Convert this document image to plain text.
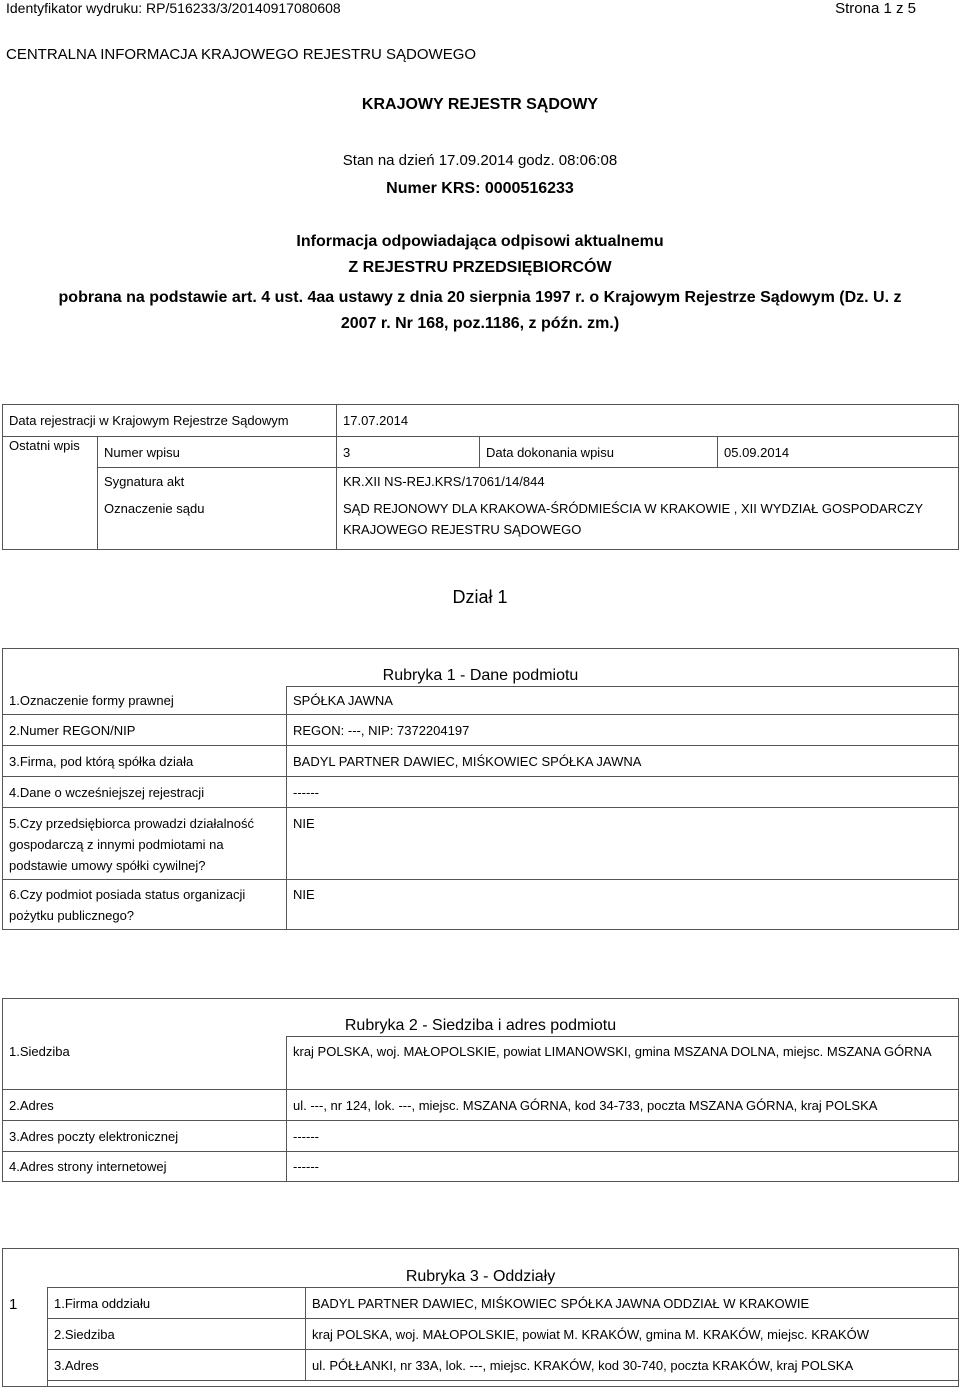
Identyfikator wydruku: RP/516233/3/20140917080608	Strona 1 z 5
CENTRALNA INFORMACJA KRAJOWEGO REJESTRU SĄDOWEGO
KRAJOWY REJESTR SĄDOWY
Stan na dzień 17.09.2014 godz. 08:06:08
Numer KRS: 0000516233
Informacja odpowiadająca odpisowi aktualnemu
Z REJESTRU PRZEDSIĘBIORCÓW
pobrana na podstawie art. 4 ust. 4aa ustawy z dnia 20 sierpnia 1997 r. o Krajowym Rejestrze Sądowym (Dz. U. z 2007 r. Nr 168, poz.1186, z późn. zm.)
Data rejestracji w Krajowym Rejestrze Sądowym		17.07.2014		

Ostatni wpis	Numer wpisu	3	Data dokonania wpisu	05.09.2014
	Sygnatura akt	KR.XII NS-REJ.KRS/17061/14/844		
	Oznaczenie sądu	SĄD REJONOWY DLA KRAKOWA-ŚRÓDMIEŚCIA W KRAKOWIE , XII WYDZIAŁ GOSPODARCZY KRAJOWEGO REJESTRU SĄDOWEGO		
Dział 1
Rubryka 1 - Dane podmiotu	
1.Oznaczenie formy prawnej	SPÓŁKA JAWNA
2.Numer REGON/NIP	REGON: ---, NIP: 7372204197
3.Firma, pod którą spółka działa	BADYL PARTNER DAWIEC, MIŚKOWIEC SPÓŁKA JAWNA
4.Dane o wcześniejszej rejestracji	------
5.Czy przedsiębiorca prowadzi działalność gospodarczą z innymi podmiotami na podstawie umowy spółki cywilnej?	NIE
6.Czy podmiot posiada status organizacji pożytku publicznego?	NIE
Rubryka 2 - Siedziba i adres podmiotu	
1.Siedziba	kraj POLSKA, woj. MAŁOPOLSKIE, powiat LIMANOWSKI, gmina MSZANA DOLNA, miejsc. MSZANA GÓRNA
2.Adres	ul. ---, nr 124, lok. ---, miejsc. MSZANA GÓRNA, kod 34-733, poczta MSZANA GÓRNA, kraj POLSKA
3.Adres poczty elektronicznej	------
4.Adres strony internetowej	------
Rubryka 3 - Oddziały		
1	1.Firma oddziału	BADYL PARTNER DAWIEC, MIŚKOWIEC SPÓŁKA JAWNA ODDZIAŁ W KRAKOWIE
	2.Siedziba	kraj POLSKA, woj. MAŁOPOLSKIE, powiat M. KRAKÓW, gmina M. KRAKÓW, miejsc. KRAKÓW
	3.Adres	ul. PÓŁŁANKI, nr 33A, lok. ---, miejsc. KRAKÓW, kod 30-740, poczta KRAKÓW, kraj POLSKA
